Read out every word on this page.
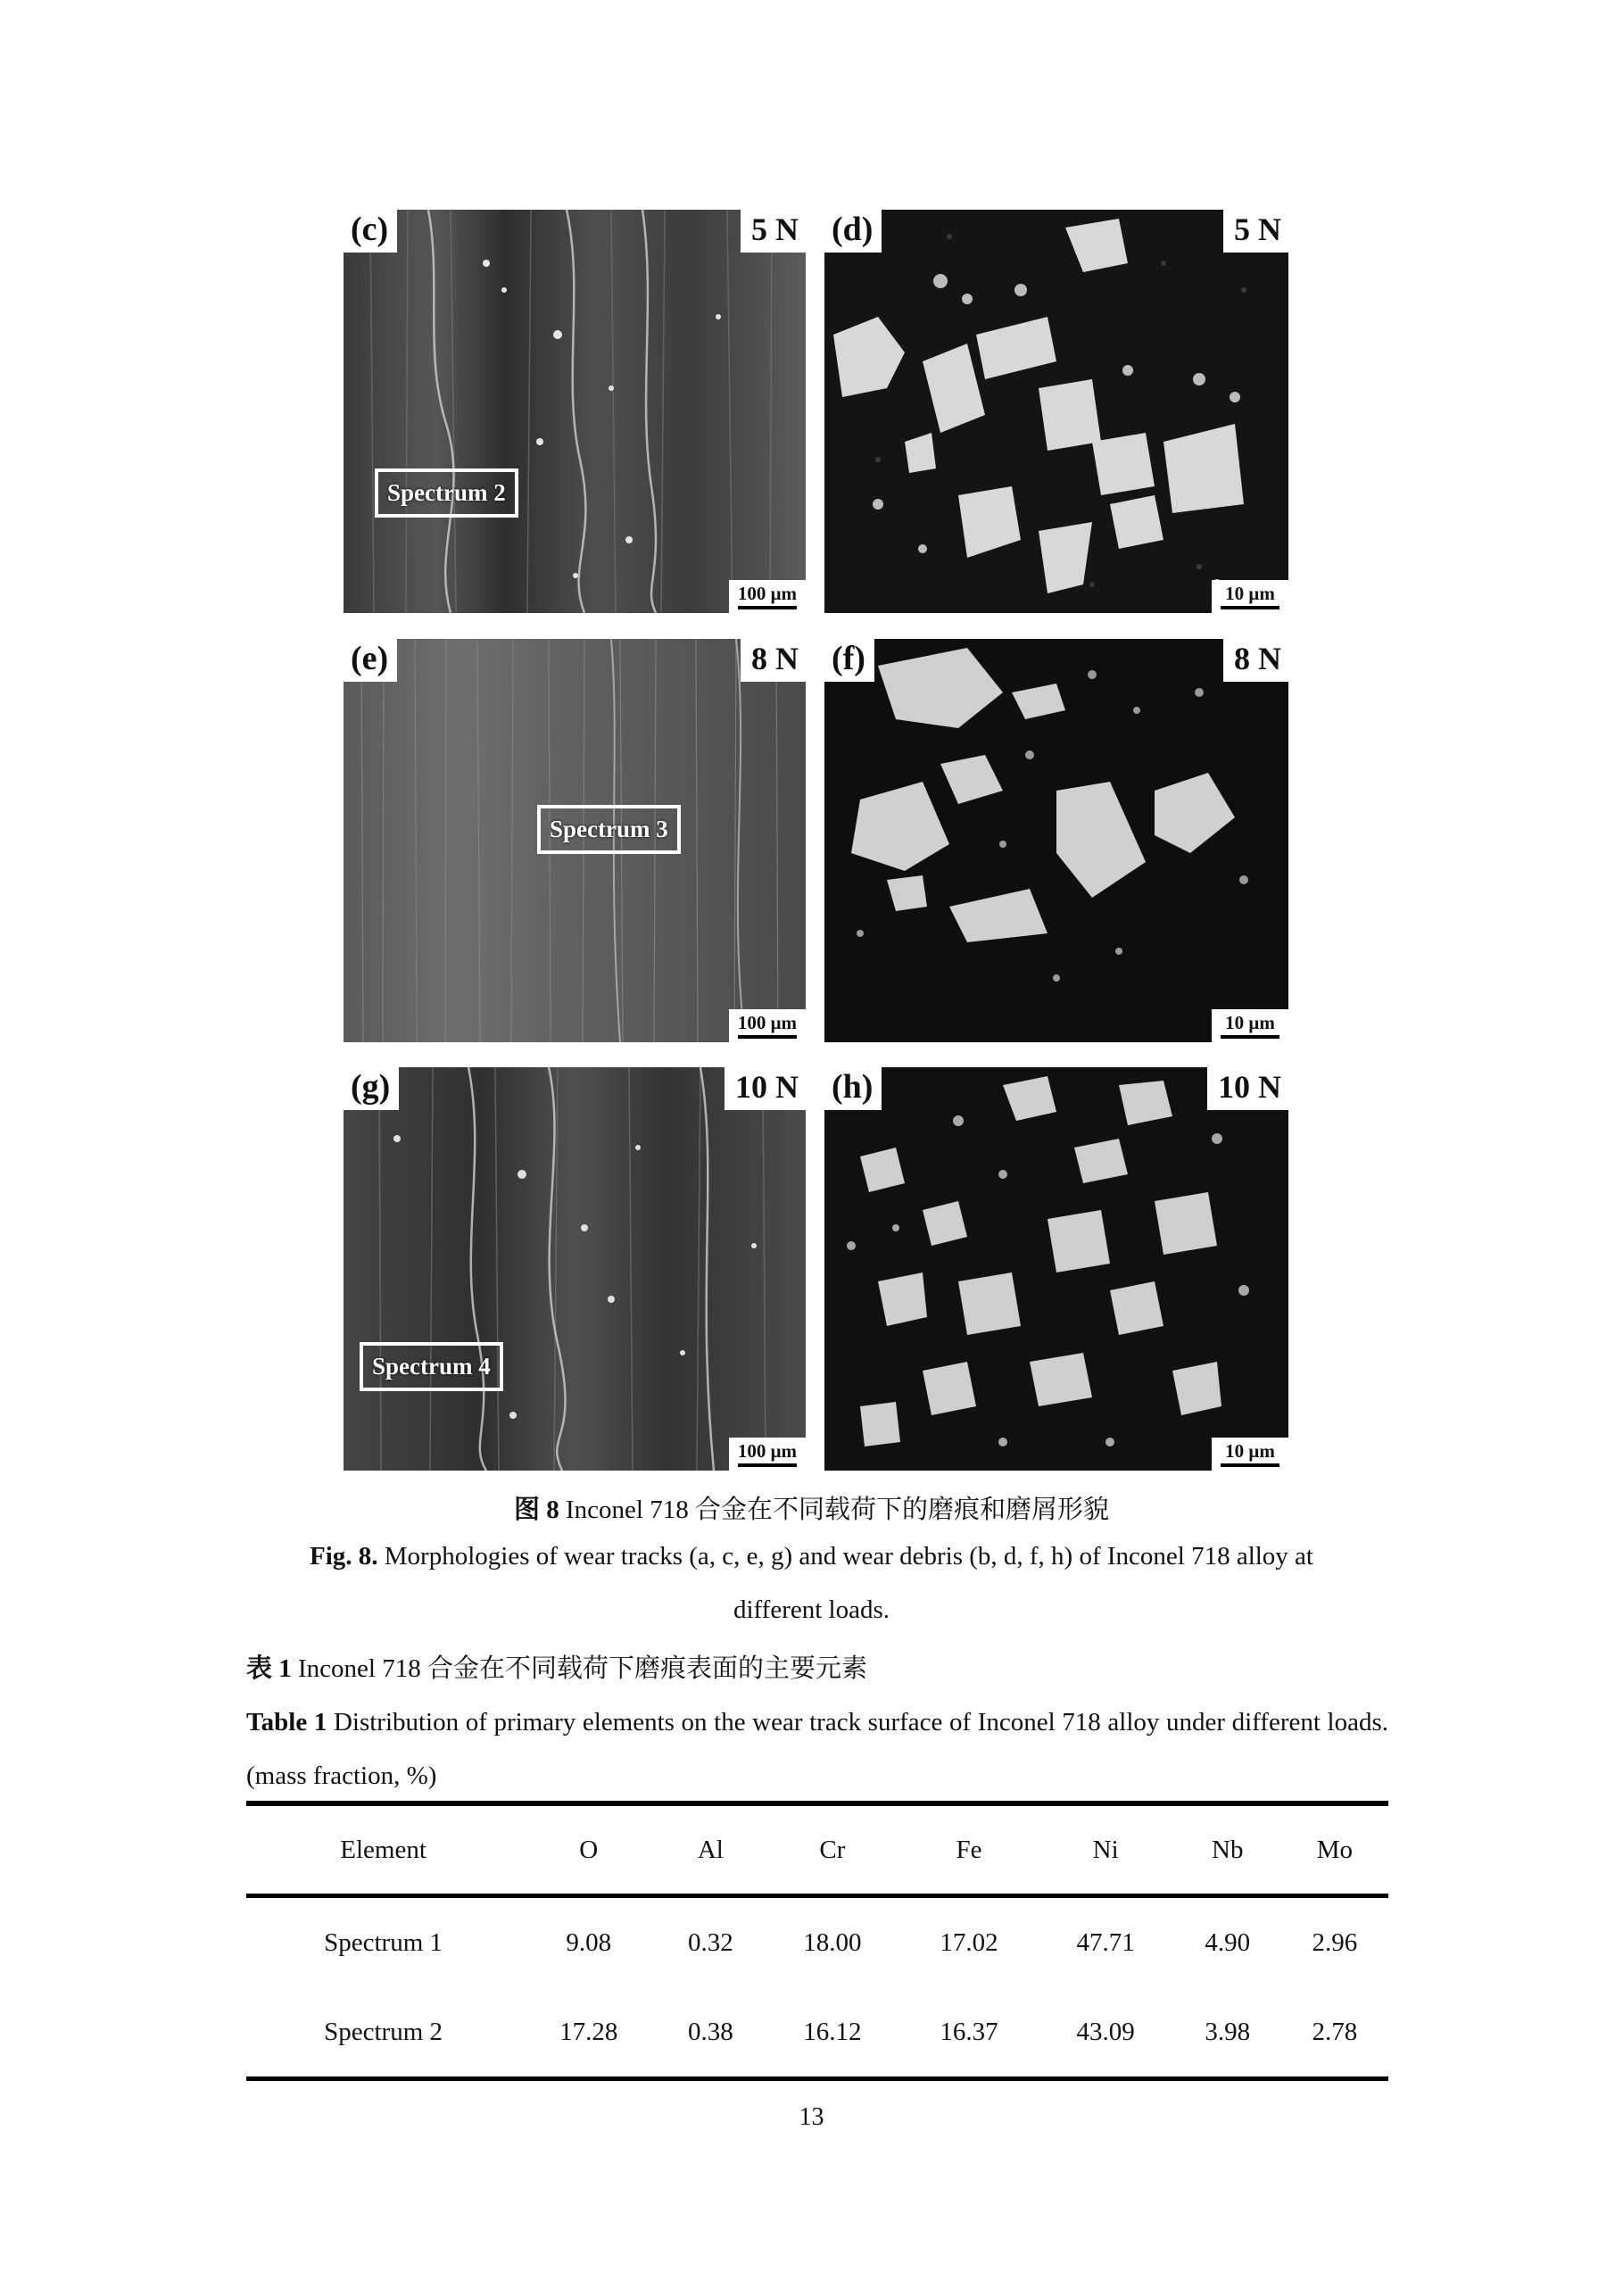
(c)	5 N
Spectrum 2
100 μm
(d)	5 N
10 μm
(e)	8 N
Spectrum 3
100 μm
(f)	8 N
10 μm
(g)	10 N
Spectrum 4
100 μm
(h)	10 N
10 μm
图 8 Inconel 718 合金在不同载荷下的磨痕和磨屑形貌
Fig. 8. Morphologies of wear tracks (a, c, e, g) and wear debris (b, d, f, h) of Inconel 718 alloy at
different loads.
表 1 Inconel 718 合金在不同载荷下磨痕表面的主要元素
Table 1 Distribution of primary elements on the wear track surface of Inconel 718 alloy under different loads. (mass fraction, %)
Element	O	Al	Cr	Fe	Ni	Nb	Mo
Spectrum 1	9.08	0.32	18.00	17.02	47.71	4.90	2.96
Spectrum 2	17.28	0.38	16.12	16.37	43.09	3.98	2.78
13
